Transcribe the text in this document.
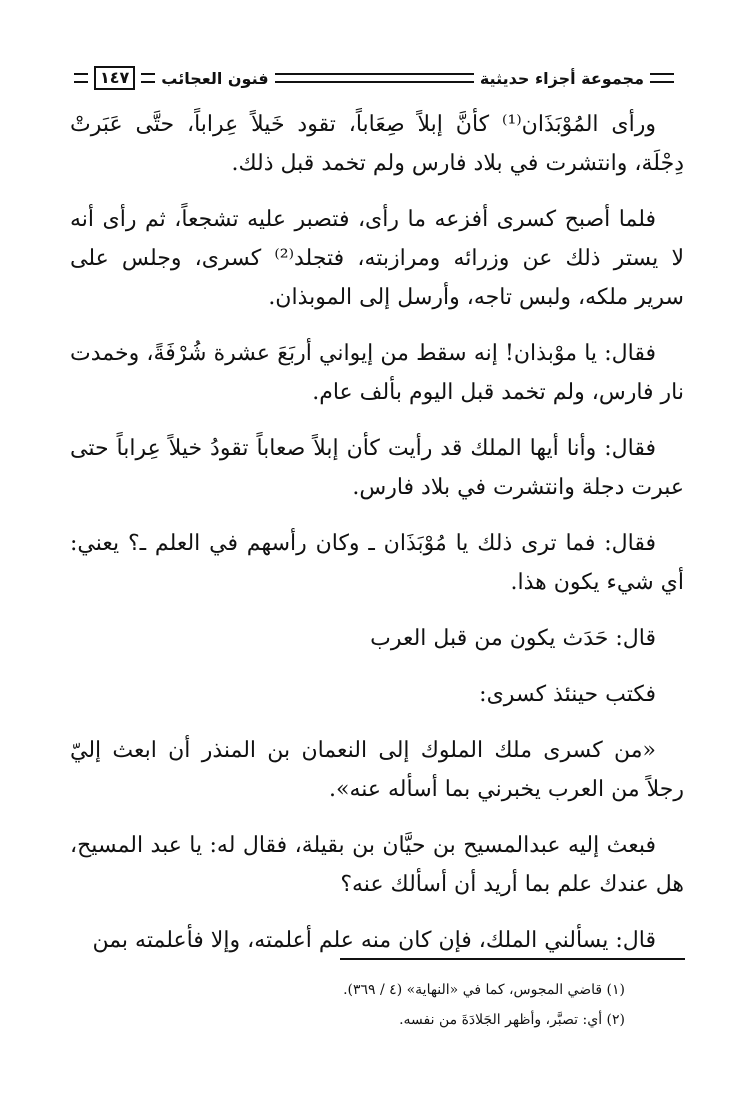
مجموعة أجزاء حديثية
فنون العجائب
١٤٧

ورأى المُوْبَذَان⁽¹⁾ كأنَّ إبلاً صِعَاباً، تقود خَيلاً عِراباً، حتَّى عَبَرتْ دِجْلَة، وانتشرت في بلاد فارس ولم تخمد قبل ذلك.

فلما أصبح كسرى أفزعه ما رأى، فتصبر عليه تشجعاً، ثم رأى أنه لا يستر ذلك عن وزرائه ومرازبته، فتجلد⁽²⁾ كسرى، وجلس على سرير ملكه، ولبس تاجه، وأرسل إلى الموبذان.

فقال: يا موْبذان! إنه سقط من إيواني أربَعَ عشرة شُرْفَةً، وخمدت نار فارس، ولم تخمد قبل اليوم بألف عام.

فقال: وأنا أيها الملك قد رأيت كأن إبلاً صعاباً تقودُ خيلاً عِراباً حتى عبرت دجلة وانتشرت في بلاد فارس.

فقال: فما ترى ذلك يا مُوْبَذَان ـ وكان رأسهم في العلم ـ؟ يعني: أي شيء يكون هذا.

قال: حَدَث يكون من قبل العرب

فكتب حينئذ كسرى:

«من كسرى ملك الملوك إلى النعمان بن المنذر أن ابعث إليّ رجلاً من العرب يخبرني بما أسأله عنه».

فبعث إليه عبدالمسيح بن حيَّان بن بقيلة، فقال له: يا عبد المسيح، هل عندك علم بما أريد أن أسألك عنه؟

قال: يسألني الملك، فإن كان منه علم أعلمته، وإلا فأعلمته بمن

(١) قاضي المجوس، كما في «النهاية» (٤ / ٣٦٩).
(٢) أي: تصبَّر، وأظهر الجَلادَةَ من نفسه.
